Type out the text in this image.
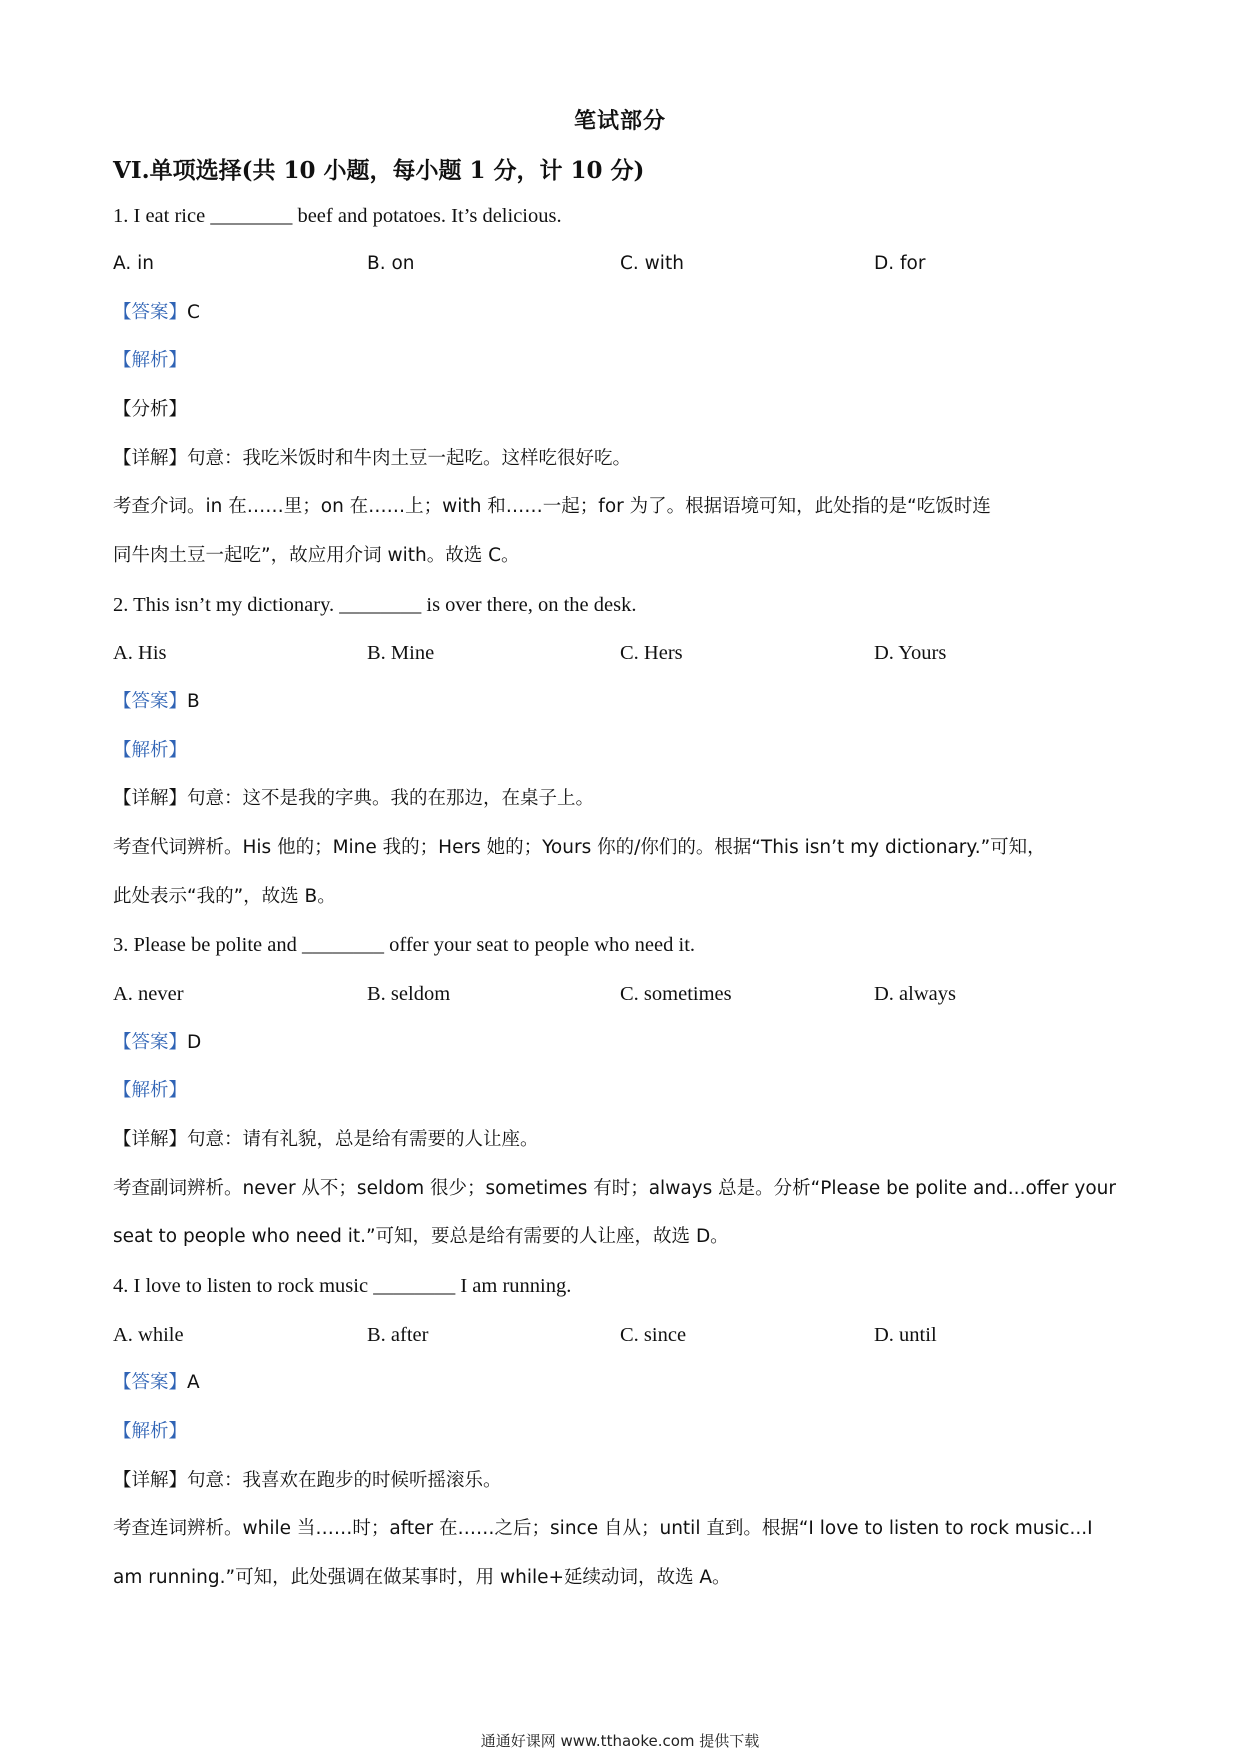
笔试部分
VI.单项选择(共 10 小题，每小题 1 分，计 10 分)
1. I eat rice ________ beef and potatoes. It’s delicious.
A. in	B. on	C. with	D. for
【答案】C
【解析】
【分析】
【详解】句意：我吃米饭时和牛肉土豆一起吃。这样吃很好吃。
考查介词。in 在……里；on 在……上；with 和……一起；for 为了。根据语境可知，此处指的是“吃饭时连
同牛肉土豆一起吃”，故应用介词 with。故选 C。
2. This isn’t my dictionary. ________ is over there, on the desk.
A. His	B. Mine	C. Hers	D. Yours
【答案】B
【解析】
【详解】句意：这不是我的字典。我的在那边，在桌子上。
考查代词辨析。His 他的；Mine 我的；Hers 她的；Yours 你的/你们的。根据“This isn’t my dictionary.”可知，
此处表示“我的”，故选 B。
3. Please be polite and ________ offer your seat to people who need it.
A. never	B. seldom	C. sometimes	D. always
【答案】D
【解析】
【详解】句意：请有礼貌，总是给有需要的人让座。
考查副词辨析。never 从不；seldom 很少；sometimes 有时；always 总是。分析“Please be polite and...offer your
seat to people who need it.”可知，要总是给有需要的人让座，故选 D。
4. I love to listen to rock music ________ I am running.
A. while	B. after	C. since	D. until
【答案】A
【解析】
【详解】句意：我喜欢在跑步的时候听摇滚乐。
考查连词辨析。while 当……时；after 在……之后；since 自从；until 直到。根据“I love to listen to rock music...I
am running.”可知，此处强调在做某事时，用 while+延续动词，故选 A。
通通好课网 www.tthaoke.com 提供下载
